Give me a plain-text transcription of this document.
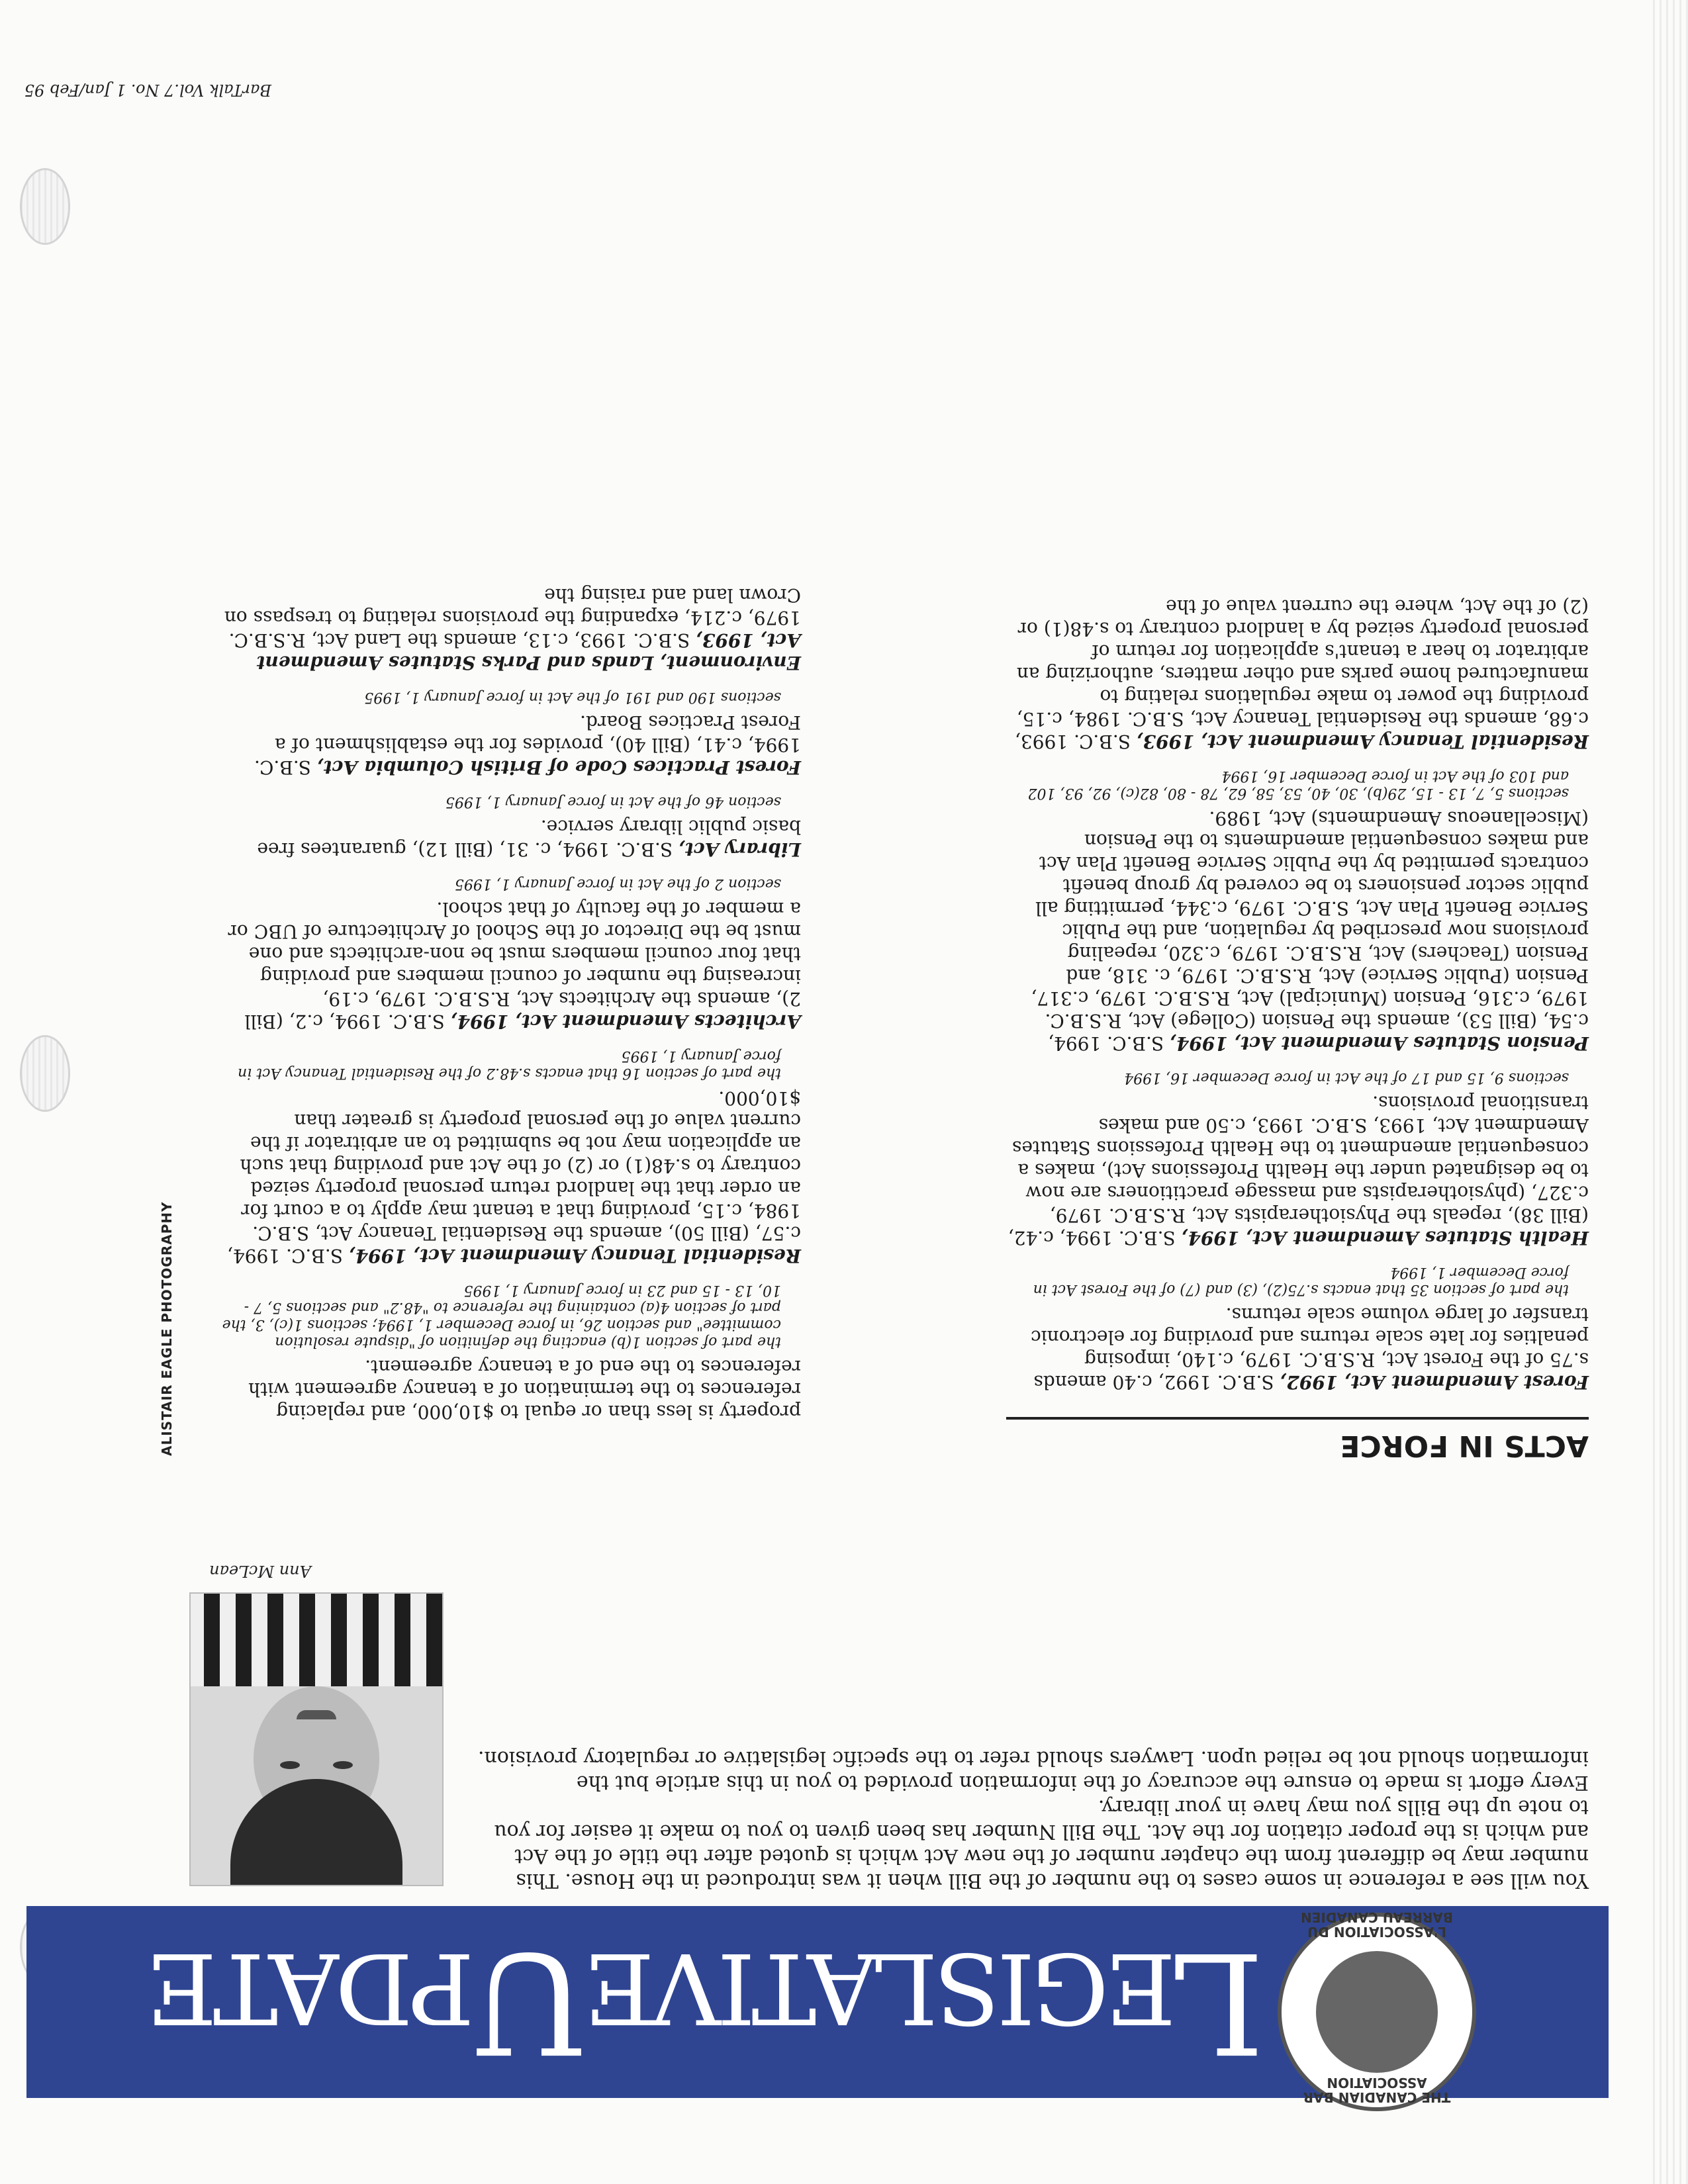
THE CANADIAN BAR ASSOCIATION
L'ASSOCIATION DU BARREAU CANADIEN
LegislativeUpdate

You will see a reference in some cases to the number of the Bill when it was introduced in the House. This number may be different from the chapter number of the new Act which is quoted after the title of the Act and which is the proper citation for the Act. The Bill Number has been given to you to make it easier for you to note up the Bills you may have in your library.

Every effort is made to ensure the accuracy of the information provided to you in this article but the information should not be relied upon. Lawyers should refer to the specific legislative or regulatory provision.

Ann McLean
ALISTAIR EAGLE PHOTOGRAPHY	ACTS IN FORCE
Forest Amendment Act, 1992, S.B.C. 1992, c.40 amends s.75 of the Forest Act, R.S.B.C. 1979, c.140, imposing penalties for late scale returns and providing for electronic transfer of large volume scale returns.
the part of section 35 that enacts s.75(2), (3) and (7) of the Forest Act in force December 1, 1994
Health Statutes Amendment Act, 1994, S.B.C. 1994, c.42, (Bill 38), repeals the Physiotherapists Act, R.S.B.C. 1979, c.327, (physiotherapists and massage practitioners are now to be designated under the Health Professions Act), makes a consequential amendment to the Health Professions Statutes Amendment Act, 1993, S.B.C. 1993, c.50 and makes transitional provisions.
sections 9, 15 and 17 of the Act in force December 16, 1994
Pension Statutes Amendment Act, 1994, S.B.C. 1994, c.54, (Bill 53), amends the Pension (College) Act, R.S.B.C. 1979, c.316, Pension (Municipal) Act, R.S.B.C. 1979, c.317, Pension (Public Service) Act, R.S.B.C. 1979, c. 318, and Pension (Teachers) Act, R.S.B.C. 1979, c.320, repealing provisions now prescribed by regulation, and the Public Service Benefit Plan Act, S.B.C. 1979, c.344, permitting all public sector pensioners to be covered by group benefit contracts permitted by the Public Service Benefit Plan Act and makes consequential amendments to the Pension (Miscellaneous Amendments) Act, 1989.
sections 5, 7, 13 - 15, 29(b), 30, 40, 53, 58, 62, 78 - 80, 82(c), 92, 93, 102 and 103 of the Act in force December 16, 1994
Residential Tenancy Amendment Act, 1993, S.B.C. 1993, c.68, amends the Residential Tenancy Act, S.B.C. 1984, c.15, providing the power to make regulations relating to manufactured home parks and other matters, authorizing an arbitrator to hear a tenant's application for return of personal property seized by a landlord contrary to s.48(1) or (2) of the Act, where the current value of the
property is less than or equal to $10,000, and replacing references to the termination of a tenancy agreement with references to the end of a tenancy agreement.
the part of section 1(b) enacting the definition of "dispute resolution committee" and section 26, in force December 1, 1994; sections 1(c), 3, the part of section 4(a) containing the reference to "48.2" and sections 5, 7 - 10, 13 - 15 and 23 in force January 1, 1995
Residential Tenancy Amendment Act, 1994, S.B.C. 1994, c.57, (Bill 50), amends the Residential Tenancy Act, S.B.C. 1984, c.15, providing that a tenant may apply to a court for an order that the landlord return personal property seized contrary to s.48(1) or (2) of the Act and providing that such an application may not be submitted to an arbitrator if the current value of the personal property is greater than $10,000.
the part of section 16 that enacts s.48.2 of the Residential Tenancy Act in force January 1, 1995
Architects Amendment Act, 1994, S.B.C. 1994, c.2, (Bill 2), amends the Architects Act, R.S.B.C. 1979, c.19, increasing the number of council members and providing that four council members must be non-architects and one must be the Director of the School of Architecture of UBC or a member of the faculty of that school.
section 2 of the Act in force January 1, 1995
Library Act, S.B.C. 1994, c. 31, (Bill 12), guarantees free basic public library service.
section 46 of the Act in force January 1, 1995
Forest Practices Code of British Columbia Act, S.B.C. 1994, c.41, (Bill 40), provides for the establishment of a Forest Practices Board.
sections 190 and 191 of the Act in force January 1, 1995
Environment, Lands and Parks Statutes Amendment Act, 1993, S.B.C. 1993, c.13, amends the Land Act, R.S.B.C. 1979, c.214, expanding the provisions relating to trespass on Crown land and raising the
BarTalk Vol.7 No. 1 Jan/Feb 95
